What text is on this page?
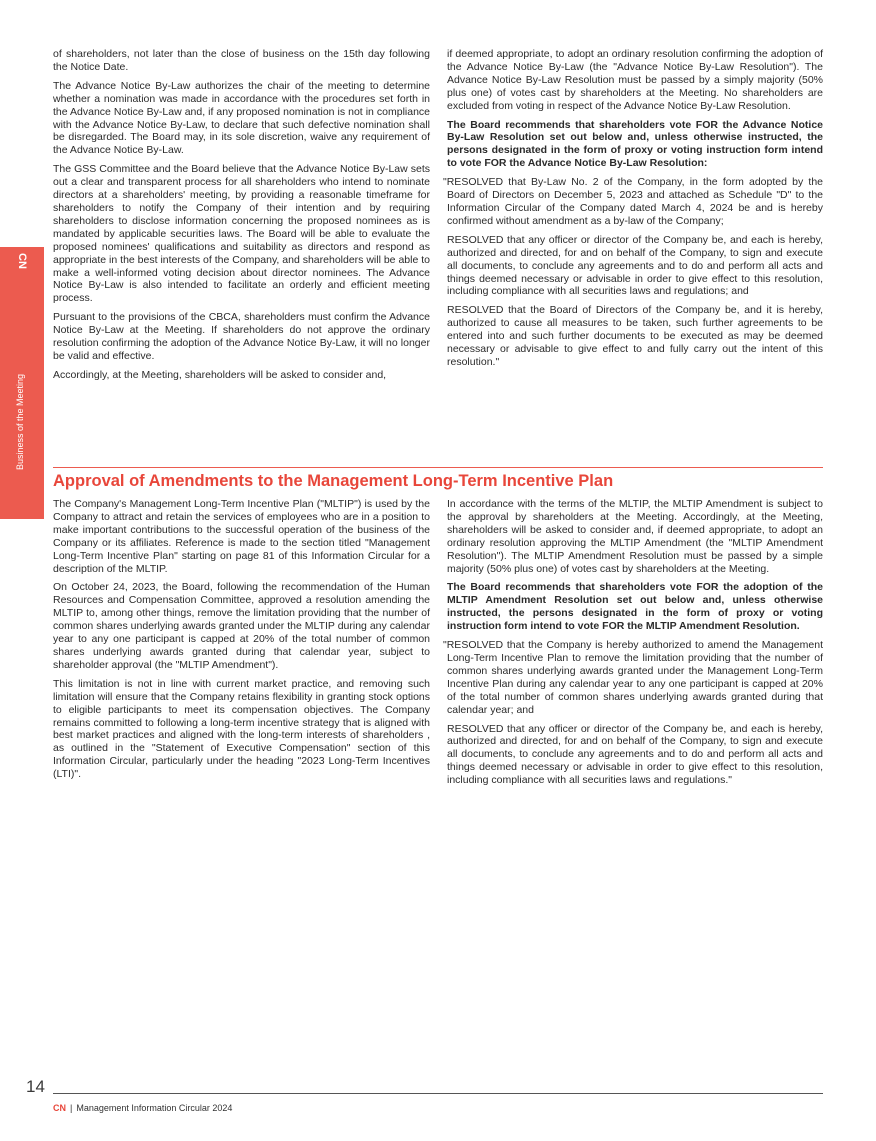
CN
Business of the Meeting

of shareholders, not later than the close of business on the 15th day following the Notice Date.

The Advance Notice By-Law authorizes the chair of the meeting to determine whether a nomination was made in accordance with the procedures set forth in the Advance Notice By-Law and, if any proposed nomination is not in compliance with the Advance Notice By-Law, to declare that such defective nomination shall be disregarded. The Board may, in its sole discretion, waive any requirement of the Advance Notice By-Law.

The GSS Committee and the Board believe that the Advance Notice By-Law sets out a clear and transparent process for all shareholders who intend to nominate directors at a shareholders' meeting, by providing a reasonable timeframe for shareholders to notify the Company of their intention and by requiring shareholders to disclose information concerning the proposed nominees as is mandated by applicable securities laws. The Board will be able to evaluate the proposed nominees' qualifications and suitability as directors and respond as appropriate in the best interests of the Company, and shareholders will be able to make a well-informed voting decision about director nominees. The Advance Notice By-Law is also intended to facilitate an orderly and efficient meeting process.

Pursuant to the provisions of the CBCA, shareholders must confirm the Advance Notice By-Law at the Meeting. If shareholders do not approve the ordinary resolution confirming the adoption of the Advance Notice By-Law, it will no longer be valid and effective.

Accordingly, at the Meeting, shareholders will be asked to consider and,

if deemed appropriate, to adopt an ordinary resolution confirming the adoption of the Advance Notice By-Law (the "Advance Notice By-Law Resolution"). The Advance Notice By-Law Resolution must be passed by a simply majority (50% plus one) of votes cast by shareholders at the Meeting. No shareholders are excluded from voting in respect of the Advance Notice By-Law Resolution.

The Board recommends that shareholders vote FOR the Advance Notice By-Law Resolution set out below and, unless otherwise instructed, the persons designated in the form of proxy or voting instruction form intend to vote FOR the Advance Notice By-Law Resolution:

"RESOLVED that By-Law No. 2 of the Company, in the form adopted by the Board of Directors on December 5, 2023 and attached as Schedule "D" to the Information Circular of the Company dated March 4, 2024 be and is hereby confirmed without amendment as a by-law of the Company;

RESOLVED that any officer or director of the Company be, and each is hereby, authorized and directed, for and on behalf of the Company, to sign and execute all documents, to conclude any agreements and to do and perform all acts and things deemed necessary or advisable in order to give effect to this resolution, including compliance with all securities laws and regulations; and

RESOLVED that the Board of Directors of the Company be, and it is hereby, authorized to cause all measures to be taken, such further agreements to be entered into and such further documents to be executed as may be deemed necessary or advisable to give effect to and fully carry out the intent of this resolution."

Approval of Amendments to the Management Long-Term Incentive Plan

The Company's Management Long-Term Incentive Plan ("MLTIP") is used by the Company to attract and retain the services of employees who are in a position to make important contributions to the successful operation of the business of the Company or its affiliates. Reference is made to the section titled "Management Long-Term Incentive Plan" starting on page 81 of this Information Circular for a description of the MLTIP.

On October 24, 2023, the Board, following the recommendation of the Human Resources and Compensation Committee, approved a resolution amending the MLTIP to, among other things, remove the limitation providing that the number of common shares underlying awards granted under the MLTIP during any calendar year to any one participant is capped at 20% of the total number of common shares underlying awards granted during that calendar year, subject to shareholder approval (the "MLTIP Amendment").

This limitation is not in line with current market practice, and removing such limitation will ensure that the Company retains flexibility in granting stock options to eligible participants to meet its compensation objectives. The Company remains committed to following a long-term incentive strategy that is aligned with best market practices and aligned with the long-term interests of shareholders , as outlined in the "Statement of Executive Compensation" section of this Information Circular, particularly under the heading "2023 Long-Term Incentives (LTI)".

In accordance with the terms of the MLTIP, the MLTIP Amendment is subject to the approval by shareholders at the Meeting. Accordingly, at the Meeting, shareholders will be asked to consider and, if deemed appropriate, to adopt an ordinary resolution approving the MLTIP Amendment (the "MLTIP Amendment Resolution"). The MLTIP Amendment Resolution must be passed by a simple majority (50% plus one) of votes cast by shareholders at the Meeting.

The Board recommends that shareholders vote FOR the adoption of the MLTIP Amendment Resolution set out below and, unless otherwise instructed, the persons designated in the form of proxy or voting instruction form intend to vote FOR the MLTIP Amendment Resolution.

"RESOLVED that the Company is hereby authorized to amend the Management Long-Term Incentive Plan to remove the limitation providing that the number of common shares underlying awards granted under the Management Long-Term Incentive Plan during any calendar year to any one participant is capped at 20% of the total number of common shares underlying awards granted during that calendar year; and

RESOLVED that any officer or director of the Company be, and each is hereby, authorized and directed, for and on behalf of the Company, to sign and execute all documents, to conclude any agreements and to do and perform all acts and things deemed necessary or advisable in order to give effect to this resolution, including compliance with all securities laws and regulations."

14
CN | Management Information Circular 2024
